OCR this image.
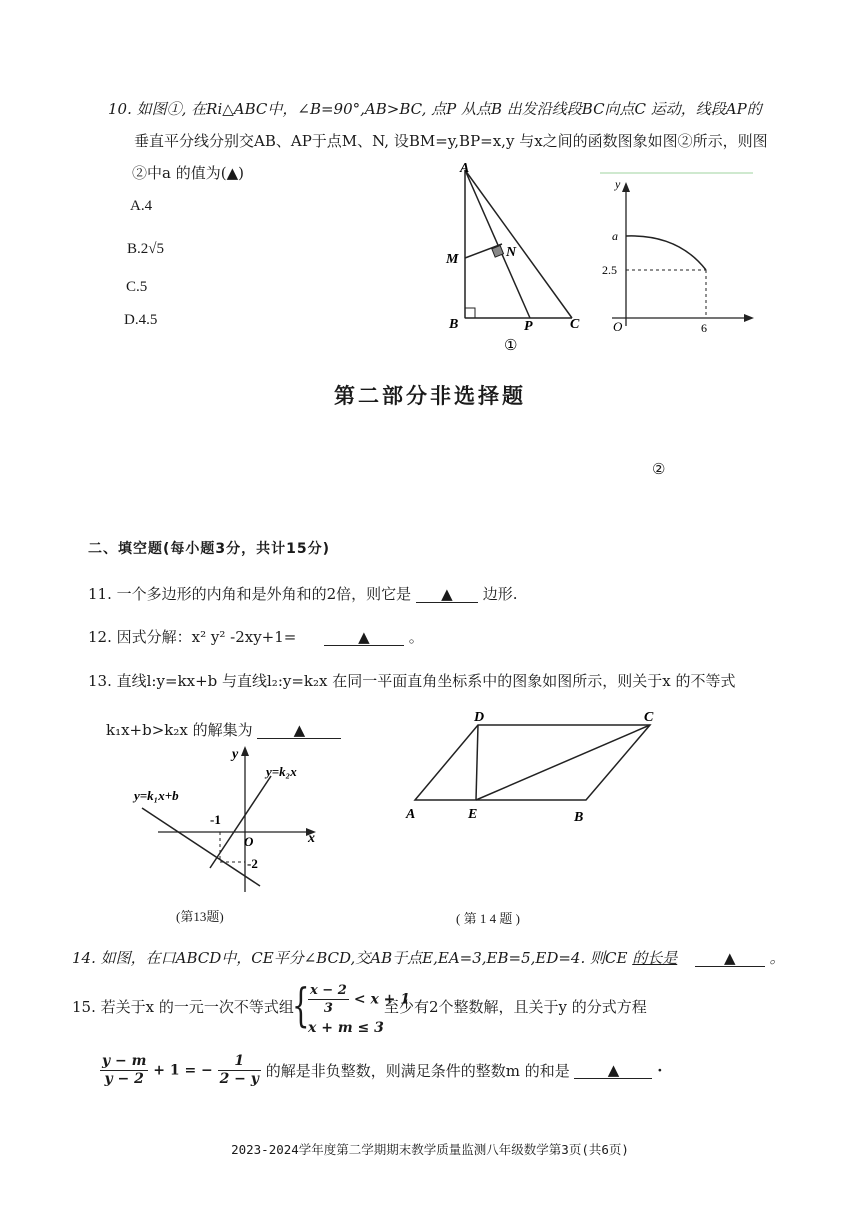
10. 如图①, 在Ri△ABC中，∠B=90°,AB>BC, 点P 从点B 出发沿线段BC向点C 运动，线段AP的
垂直平分线分别交AB、AP于点M、N, 设BM=y,BP=x,y 与x之间的函数图象如图②所示，则图
②中a 的值为(▲)
A.4
B.2√5
C.5
D.4.5
A
M	N
B	P	C
①
y
O
a
2.5
6
第二部分非选择题
②
二、填空题(每小题3分，共计15分)
11. 一个多边形的内角和是外角和的2倍，则它是 ▲ 边形.
12. 因式分解：x² y² -2xy+1=	▲	。
13. 直线l:y=kx+b 与直线l₂:y=k₂x 在同一平面直角坐标系中的图象如图所示，则关于x 的不等式
k₁x+b>k₂x 的解集为	▲
y
x
O
y=k₁x+b
y=k₂x
-1
-2
(第13题)
D	C
A	E	B
( 第 1 4 题 )
14. 如图，在口ABCD中，CE平分∠BCD,交AB于点E,EA=3,EB=5,ED=4. 则CE 的长是	▲ 。
15. 若关于x 的一元一次不等式组
{
$\frac{x - 2}{3} < x + 1$
x + m ≤ 3
至少有2个整数解，且关于y 的分式方程
$\frac{y - m}{y - 2} + 1$ = − $\frac{1}{2 - y}$ 的解是非负整数，则满足条件的整数m 的和是	▲	·
2023-2024学年度第二学期期末教学质量监测八年级数学第3页(共6页)
